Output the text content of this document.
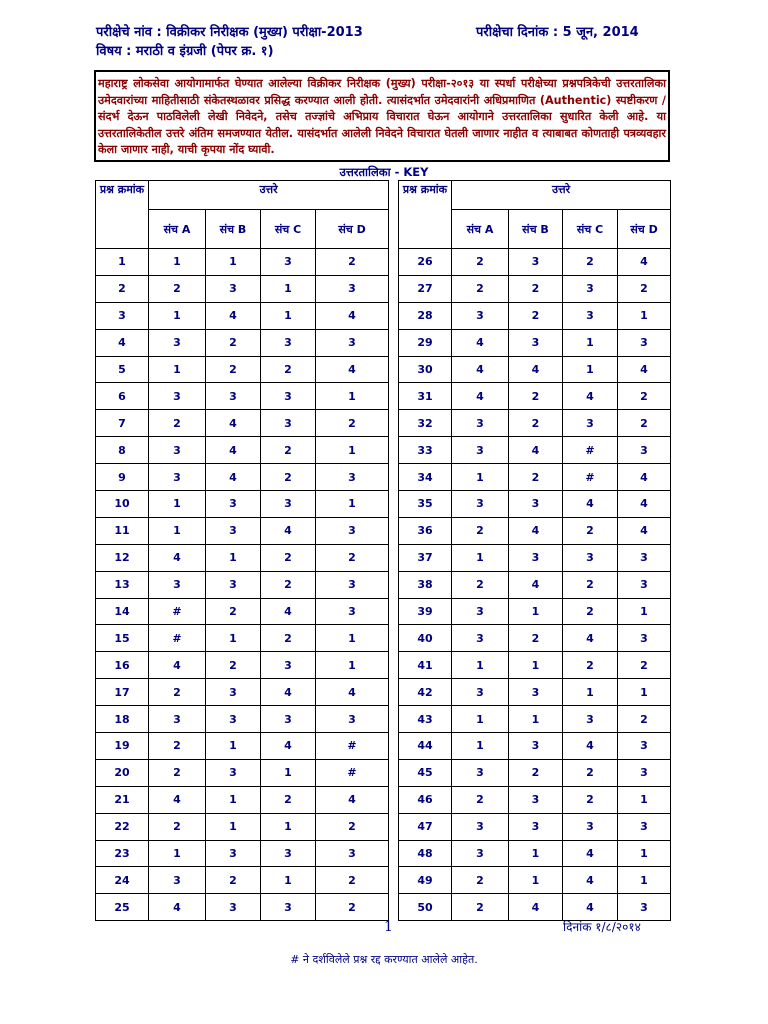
परीक्षेचे नांव : विक्रीकर निरीक्षक (मुख्य) परीक्षा-2013	परीक्षेचा दिनांक : 5 जून, 2014
विषय : मराठी व इंग्रजी (पेपर क्र. १)
महाराष्ट्र लोकसेवा आयोगामार्फत घेण्यात आलेल्या विक्रीकर निरीक्षक (मुख्य) परीक्षा-२०१३ या स्पर्धा परीक्षेच्या प्रश्नपत्रिकेची उत्तरतालिका उमेदवारांच्या माहितीसाठी संकेतस्थळावर प्रसिद्ध करण्यात आली होती. त्यासंदर्भात उमेदवारांनी अधिप्रमाणित (Authentic) स्पष्टीकरण / संदर्भ देऊन पाठविलेली लेखी निवेदने, तसेच तज्ज्ञांचे अभिप्राय विचारात घेऊन आयोगाने उत्तरतालिका सुधारित केली आहे. या उत्तरतालिकेतील उत्तरे अंतिम समजण्यात येतील. यासंदर्भात आलेली निवेदने विचारात घेतली जाणार नाहीत व त्याबाबत कोणताही पत्रव्यवहार केला जाणार नाही, याची कृपया नोंद घ्यावी.
उत्तरतालिका - KEY
प्रश्न क्रमांक	उत्तरे			
	संच A	संच B	संच C	संच D
1	1	1	3	2
2	2	3	1	3
3	1	4	1	4
4	3	2	3	3
5	1	2	2	4
6	3	3	3	1
7	2	4	3	2
8	3	4	2	1
9	3	4	2	3
10	1	3	3	1
11	1	3	4	3
12	4	1	2	2
13	3	3	2	3
14	#	2	4	3
15	#	1	2	1
16	4	2	3	1
17	2	3	4	4
18	3	3	3	3
19	2	1	4	#
20	2	3	1	#
21	4	1	2	4
22	2	1	1	2
23	1	3	3	3
24	3	2	1	2
25	4	3	3	2
प्रश्न क्रमांक	उत्तरे			
	संच A	संच B	संच C	संच D
26	2	3	2	4
27	2	2	3	2
28	3	2	3	1
29	4	3	1	3
30	4	4	1	4
31	4	2	4	2
32	3	2	3	2
33	3	4	#	3
34	1	2	#	4
35	3	3	4	4
36	2	4	2	4
37	1	3	3	3
38	2	4	2	3
39	3	1	2	1
40	3	2	4	3
41	1	1	2	2
42	3	3	1	1
43	1	1	3	2
44	1	3	4	3
45	3	2	2	3
46	2	3	2	1
47	3	3	3	3
48	3	1	4	1
49	2	1	4	1
50	2	4	4	3
1	दिनांक १/८/२०१४
# ने दर्शविलेले प्रश्न रद्द करण्यात आलेले आहेत.
